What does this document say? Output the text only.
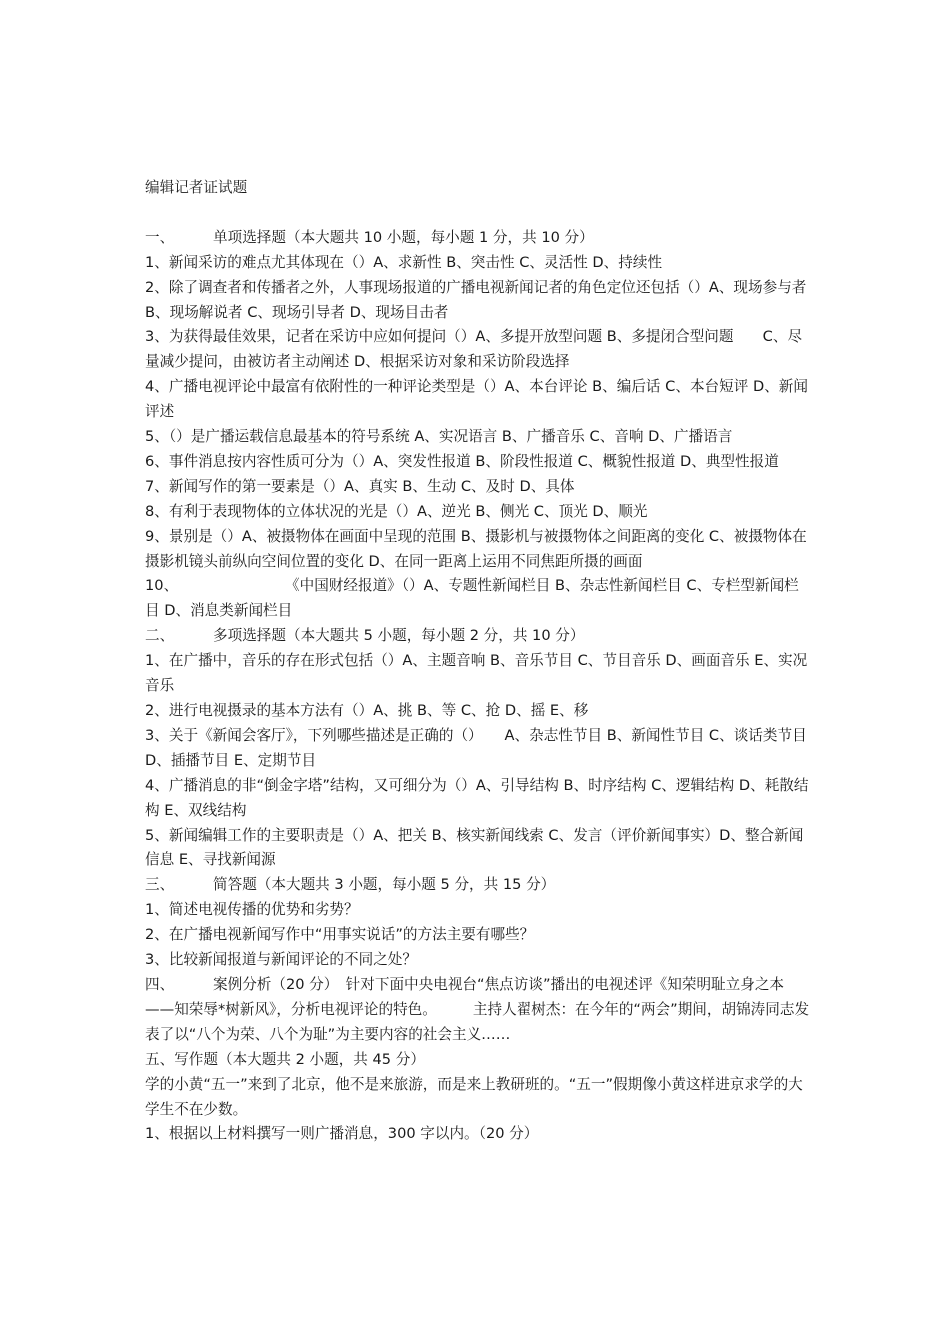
编辑记者证试题

一、	单项选择题（本大题共 10 小题，每小题 1 分，共 10 分）

1、新闻采访的难点尤其体现在（）A、求新性 B、突击性 C、灵活性 D、持续性

2、除了调查者和传播者之外，人事现场报道的广播电视新闻记者的角色定位还包括（）A、现场参与者 B、现场解说者 C、现场引导者 D、现场目击者

3、为获得最佳效果，记者在采访中应如何提问（）A、多提开放型问题 B、多提闭合型问题　　C、尽量减少提问，由被访者主动阐述 D、根据采访对象和采访阶段选择

4、广播电视评论中最富有依附性的一种评论类型是（）A、本台评论 B、编后话 C、本台短评 D、新闻评述

5、（）是广播运载信息最基本的符号系统 A、实况语言 B、广播音乐 C、音响 D、广播语言

6、事件消息按内容性质可分为（）A、突发性报道 B、阶段性报道 C、概貌性报道 D、典型性报道

7、新闻写作的第一要素是（）A、真实 B、生动 C、及时 D、具体

8、有利于表现物体的立体状况的光是（）A、逆光 B、侧光 C、顶光 D、顺光

9、景别是（）A、被摄物体在画面中呈现的范围 B、摄影机与被摄物体之间距离的变化 C、被摄物体在摄影机镜头前纵向空间位置的变化 D、在同一距离上运用不同焦距所摄的画面

10、	《中国财经报道》（）A、专题性新闻栏目 B、杂志性新闻栏目 C、专栏型新闻栏目 D、消息类新闻栏目

二、	多项选择题（本大题共 5 小题，每小题 2 分，共 10 分）

1、在广播中，音乐的存在形式包括（）A、主题音响 B、音乐节目 C、节目音乐 D、画面音乐 E、实况音乐

2、进行电视摄录的基本方法有（）A、挑 B、等 C、抢 D、摇 E、移

3、关于《新闻会客厅》，下列哪些描述是正确的（）　　A、杂志性节目 B、新闻性节目 C、谈话类节目 D、插播节目 E、定期节目

4、广播消息的非“倒金字塔”结构，又可细分为（）A、引导结构 B、时序结构 C、逻辑结构 D、耗散结构 E、双线结构

5、新闻编辑工作的主要职责是（）A、把关 B、核实新闻线索 C、发言（评价新闻事实）D、整合新闻信息 E、寻找新闻源

三、	简答题（本大题共 3 小题，每小题 5 分，共 15 分）

1、简述电视传播的优势和劣势？

2、在广播电视新闻写作中“用事实说话”的方法主要有哪些？

3、比较新闻报道与新闻评论的不同之处？

四、	案例分析（20 分）　针对下面中央电视台“焦点访谈”播出的电视述评《知荣明耻立身之本——知荣辱*树新风》，分析电视评论的特色。 主持人翟树杰：在今年的“两会”期间，胡锦涛同志发表了以“八个为荣、八个为耻”为主要内容的社会主义……

五、写作题（本大题共 2 小题，共 45 分）

学的小黄“五一”来到了北京，他不是来旅游，而是来上教研班的。“五一”假期像小黄这样进京求学的大学生不在少数。

1、根据以上材料撰写一则广播消息，300 字以内。（20 分）
